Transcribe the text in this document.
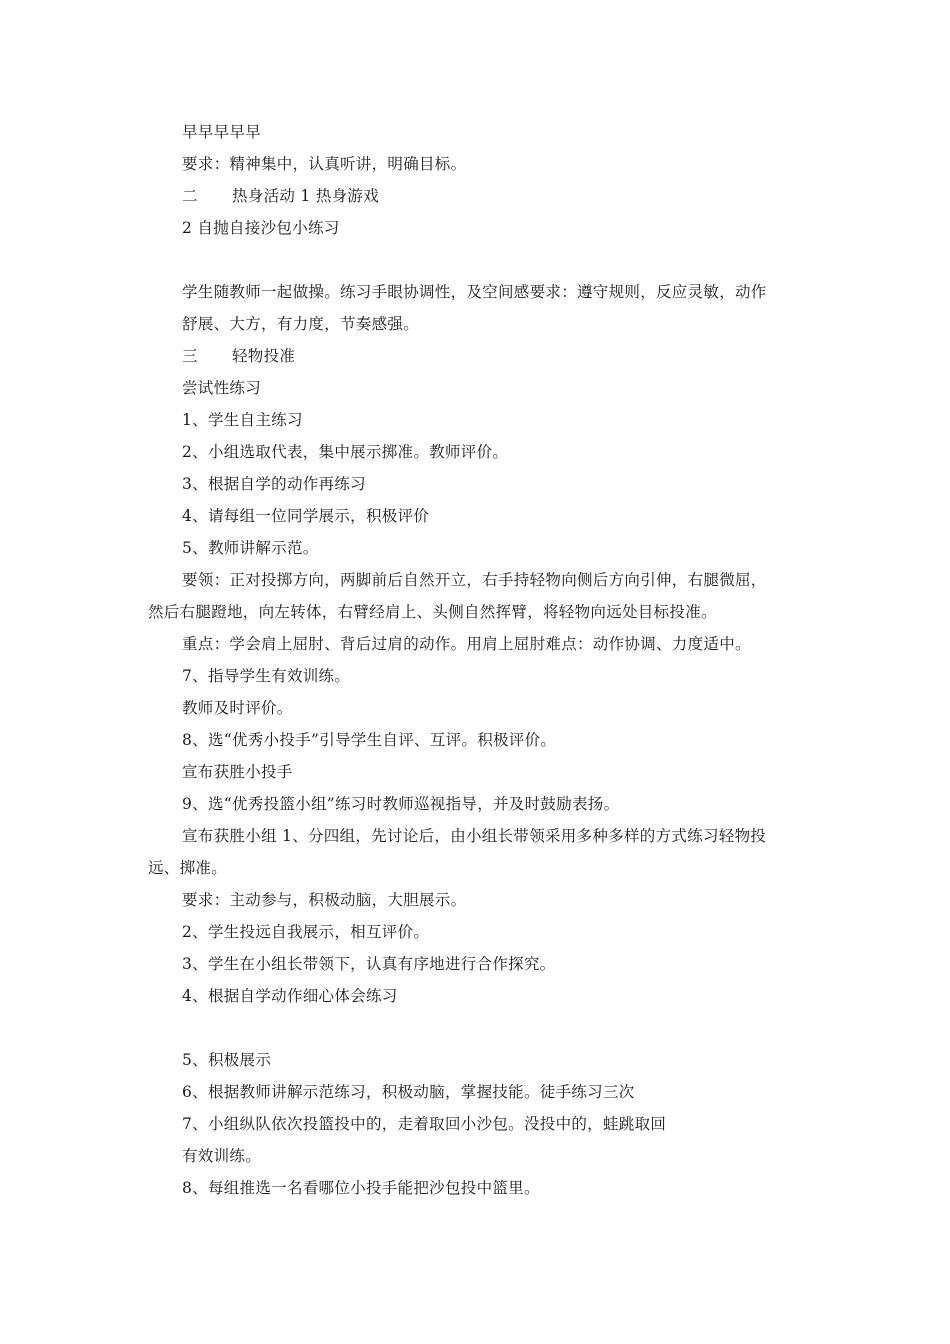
早早早早早
要求：精神集中，认真听讲，明确目标。
二 热身活动 1 热身游戏
2 自抛自接沙包小练习
学生随教师一起做操。练习手眼协调性，及空间感要求：遵守规则，反应灵敏，动作
舒展、大方，有力度，节奏感强。
三 轻物投准
尝试性练习
1、学生自主练习
2、小组选取代表，集中展示掷准。教师评价。
3、根据自学的动作再练习
4、请每组一位同学展示，积极评价
5、教师讲解示范。
要领：正对投掷方向，两脚前后自然开立，右手持轻物向侧后方向引伸，右腿微屈，
然后右腿蹬地，向左转体，右臂经肩上、头侧自然挥臂，将轻物向远处目标投准。
重点：学会肩上屈肘、背后过肩的动作。用肩上屈肘难点：动作协调、力度适中。
7、指导学生有效训练。
教师及时评价。
8、选“优秀小投手”引导学生自评、互评。积极评价。
宣布获胜小投手
9、选“优秀投篮小组”练习时教师巡视指导，并及时鼓励表扬。
宣布获胜小组 1、分四组，先讨论后，由小组长带领采用多种多样的方式练习轻物投
远、掷准。
要求：主动参与，积极动脑，大胆展示。
2、学生投远自我展示，相互评价。
3、学生在小组长带领下，认真有序地进行合作探究。
4、根据自学动作细心体会练习
5、积极展示
6、根据教师讲解示范练习，积极动脑，掌握技能。徒手练习三次
7、小组纵队依次投篮投中的，走着取回小沙包。没投中的，蛙跳取回
有效训练。
8、每组推选一名看哪位小投手能把沙包投中篮里。
